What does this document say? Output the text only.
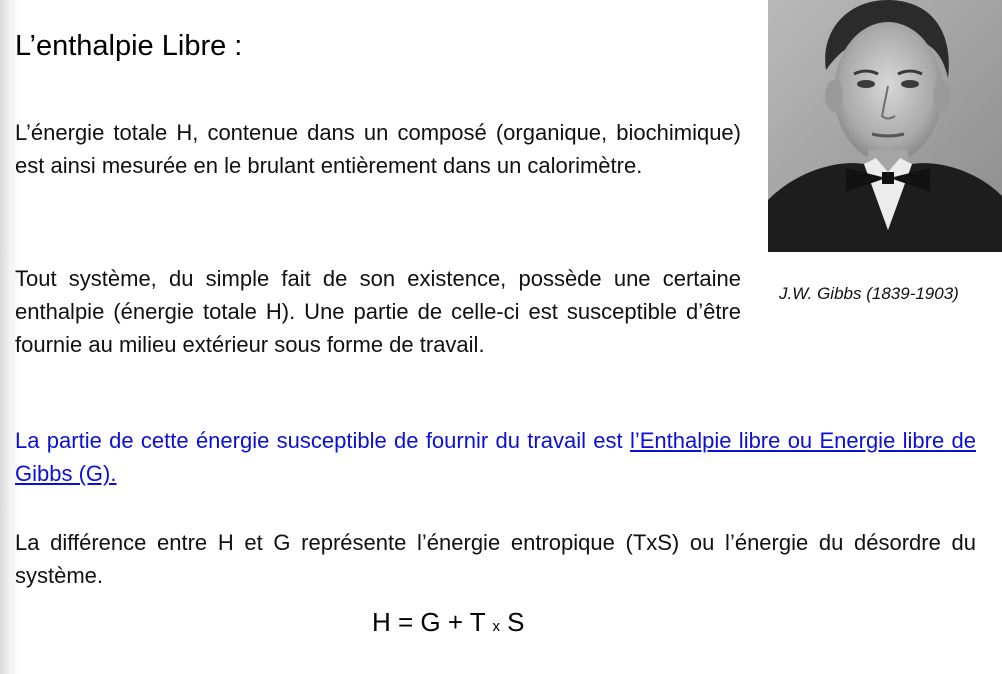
L’enthalpie Libre :

L’énergie totale H, contenue dans un composé (organique, biochimique) est ainsi mesurée en le brulant entièrement dans un calorimètre.

Tout système, du simple fait de son existence, possède une certaine enthalpie (énergie totale H). Une partie de celle-ci est susceptible d’être fournie au milieu extérieur sous forme de travail.

La partie de cette énergie susceptible de fournir du travail est l’Enthalpie libre ou Energie libre de Gibbs (G).

La différence entre H et G représente l’énergie entropique (TxS) ou l’énergie du désordre du système.

H = G + T x S
J.W. Gibbs (1839-1903)
